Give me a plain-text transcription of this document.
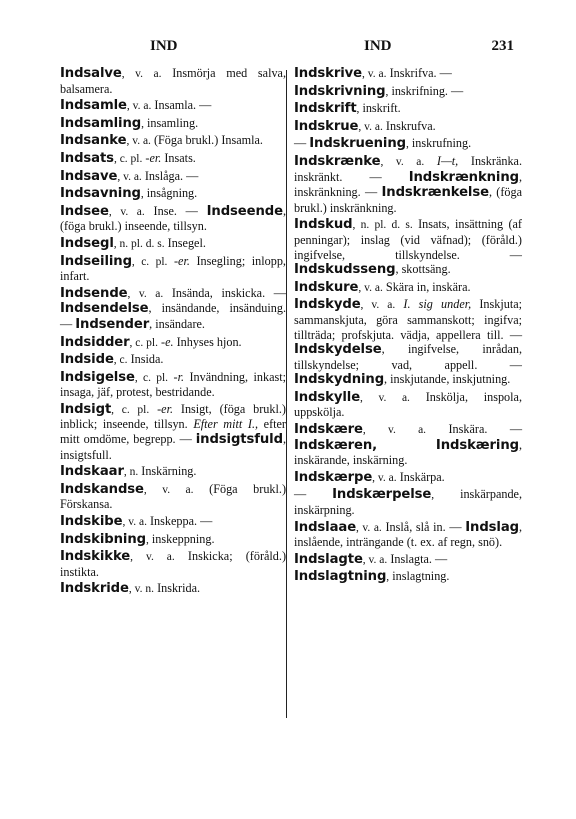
IND	IND	231
Indsalve, v. a. Insmörja med salva, balsamera.
Indsamle, v. a. Insamla. —
Indsamling, insamling.
Indsanke, v. a. (Föga brukl.) Insamla.
Indsats, c. pl. -er. Insats.
Indsave, v. a. Inslåga. —
Indsavning, insågning.
Indsee, v. a. Inse. — Indseende, (föga brukl.) inseende, tillsyn.
Indsegl, n. pl. d. s. Insegel.
Indseiling, c. pl. -er. Insegling; inlopp, infart.
Indsende, v. a. Insända, inskicka. — Indsendelse, insändande, insänduing. — Indsender, insändare.
Indsidder, c. pl. -e. Inhyses hjon.
Indside, c. Insida.
Indsigelse, c. pl. -r. Invändning, inkast; insaga, jäf, protest, bestridande.
Indsigt, c. pl. -er. Insigt, (föga brukl.) inblick; inseende, tillsyn. Efter mitt I., efter mitt omdöme, begrepp. — indsigtsfuld, insigtsfull.
Indskaar, n. Inskärning.
Indskandse, v. a. (Föga brukl.) Förskansa.
Indskibe, v. a. Inskeppa. —
Indskibning, inskeppning.
Indskikke, v. a. Inskicka; (föråld.) instikta.
Indskride, v. n. Inskrida.
Indskrive, v. a. Inskrifva. —
Indskrivning, inskrifning. —
Indskrift, inskrift.
Indskrue, v. a. Inskrufva.
— Indskruening, inskrufning.
Indskrænke, v. a. I—t, Inskränka. inskränkt. — Indskrænkning, inskränkning. — Indskrænkelse, (föga brukl.) inskränkning.
Indskud, n. pl. d. s. Insats, insättning (af penningar); inslag (vid väfnad); (föråld.) ingifvelse, tillskyndelse. — Indskudsseng, skottsäng.
Indskure, v. a. Skära in, inskära.
Indskyde, v. a. I. sig under, Inskjuta; sammanskjuta, göra sammanskott; ingifva; tillträda; profskjuta. vädja, appellera till. — Indskydelse, ingifvelse, inrådan, tillskyndelse; vad, appell. — Indskydning, inskjutande, inskjutning.
Indskylle, v. a. Inskölja, inspola, uppskölja.
Indskære, v. a. Inskära. — Indskæren, Indskæring, inskärande, inskärning.
Indskærpe, v. a. Inskärpa.
— Indskærpelse, inskärpande, inskärpning.
Indslaae, v. a. Inslå, slå in. — Indslag, inslående, inträngande (t. ex. af regn, snö).
Indslagte, v. a. Inslagta. —
Indslagtning, inslagtning.
